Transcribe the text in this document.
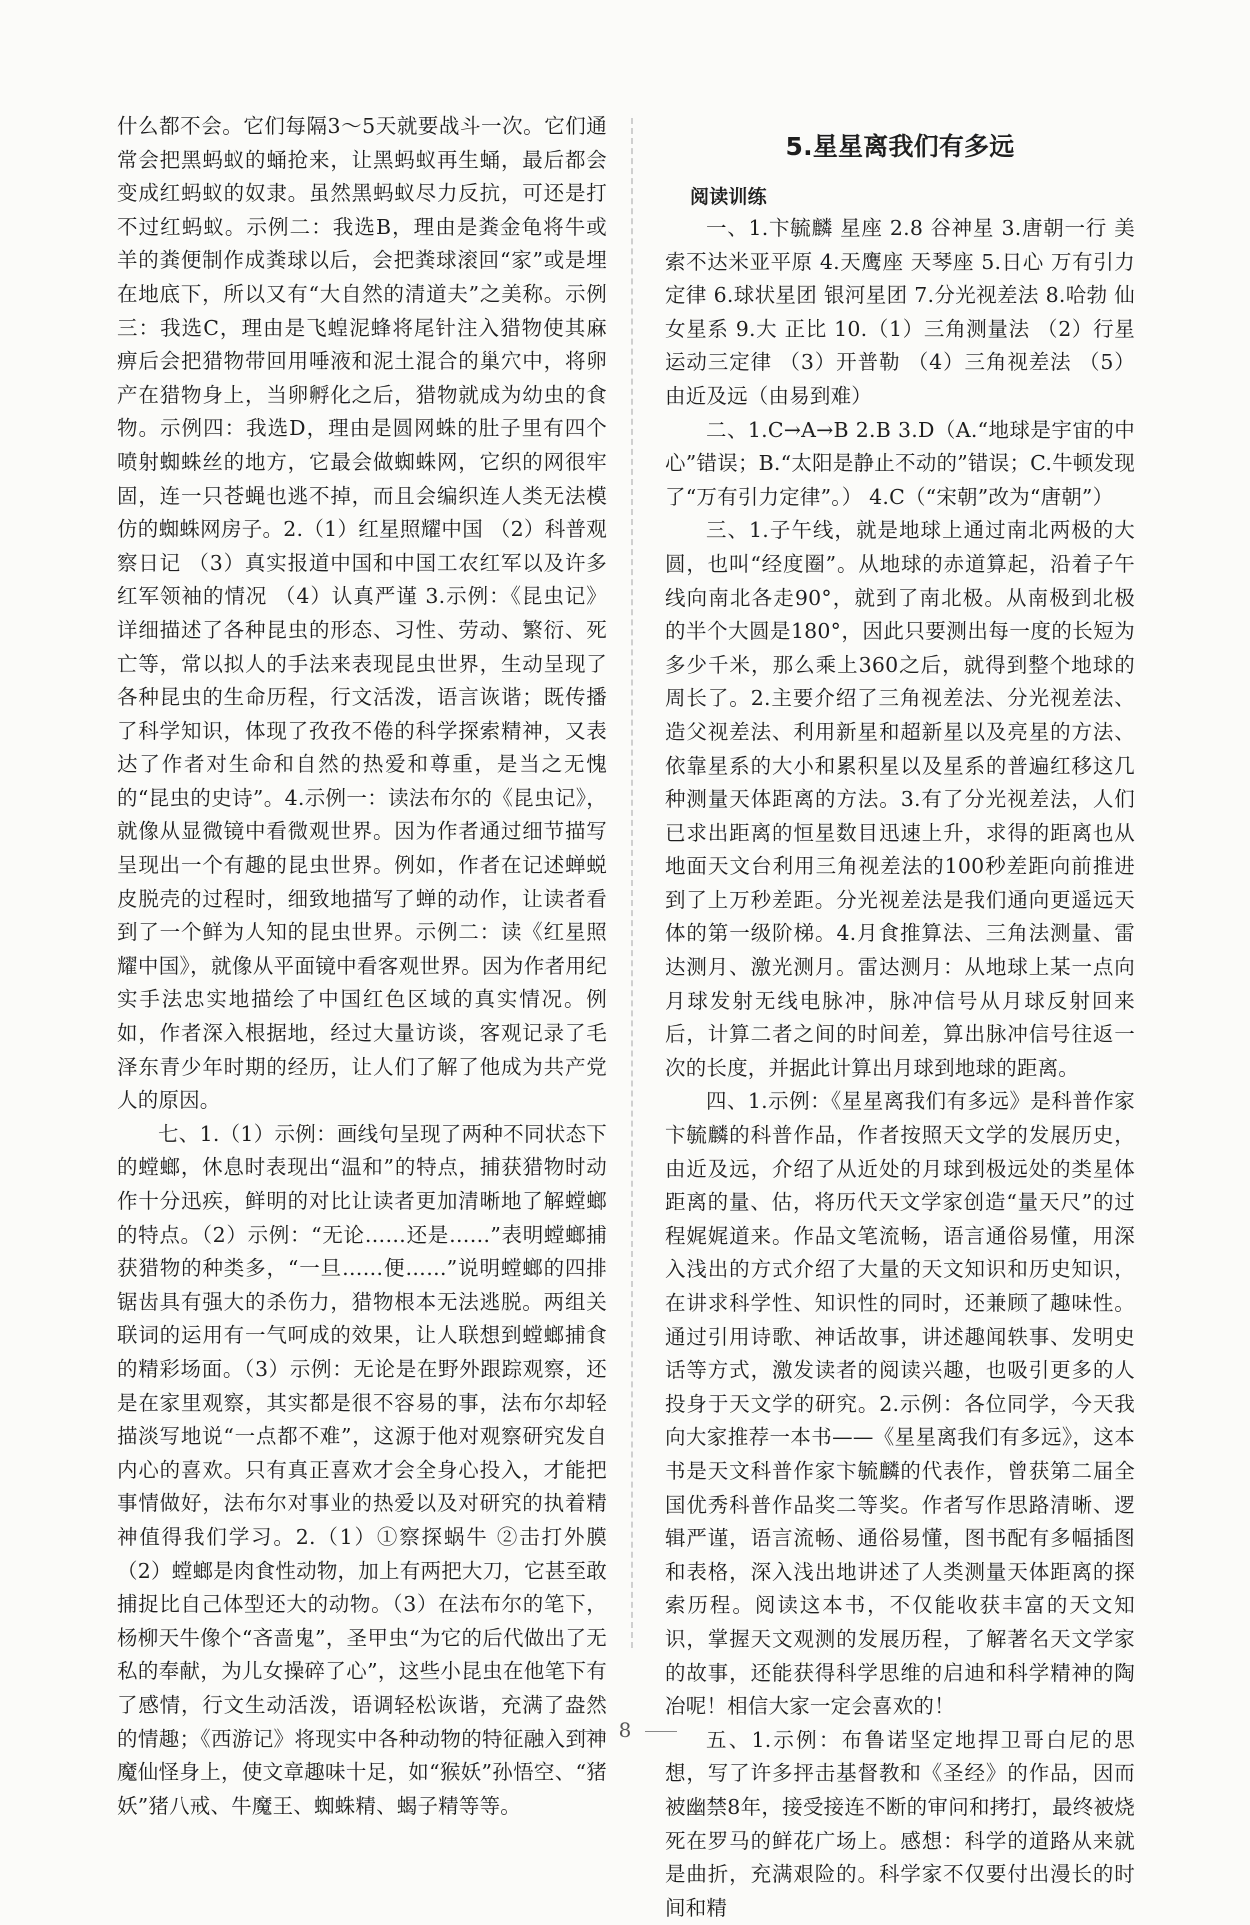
什么都不会。它们每隔3～5天就要战斗一次。它们通常会把黑蚂蚁的蛹抢来，让黑蚂蚁再生蛹，最后都会变成红蚂蚁的奴隶。虽然黑蚂蚁尽力反抗，可还是打不过红蚂蚁。示例二：我选B，理由是粪金龟将牛或羊的粪便制作成粪球以后，会把粪球滚回“家”或是埋在地底下，所以又有“大自然的清道夫”之美称。示例三：我选C，理由是飞蝗泥蜂将尾针注入猎物使其麻痹后会把猎物带回用唾液和泥土混合的巢穴中，将卵产在猎物身上，当卵孵化之后，猎物就成为幼虫的食物。示例四：我选D，理由是圆网蛛的肚子里有四个喷射蜘蛛丝的地方，它最会做蜘蛛网，它织的网很牢固，连一只苍蝇也逃不掉，而且会编织连人类无法模仿的蜘蛛网房子。2.（1）红星照耀中国 （2）科普观察日记 （3）真实报道中国和中国工农红军以及许多红军领袖的情况 （4）认真严谨 3.示例：《昆虫记》详细描述了各种昆虫的形态、习性、劳动、繁衍、死亡等，常以拟人的手法来表现昆虫世界，生动呈现了各种昆虫的生命历程，行文活泼，语言诙谐；既传播了科学知识，体现了孜孜不倦的科学探索精神，又表达了作者对生命和自然的热爱和尊重，是当之无愧的“昆虫的史诗”。4.示例一：读法布尔的《昆虫记》，就像从显微镜中看微观世界。因为作者通过细节描写呈现出一个有趣的昆虫世界。例如，作者在记述蝉蜕皮脱壳的过程时，细致地描写了蝉的动作，让读者看到了一个鲜为人知的昆虫世界。示例二：读《红星照耀中国》，就像从平面镜中看客观世界。因为作者用纪实手法忠实地描绘了中国红色区域的真实情况。例如，作者深入根据地，经过大量访谈，客观记录了毛泽东青少年时期的经历，让人们了解了他成为共产党人的原因。

七、1.（1）示例：画线句呈现了两种不同状态下的螳螂，休息时表现出“温和”的特点，捕获猎物时动作十分迅疾，鲜明的对比让读者更加清晰地了解螳螂的特点。（2）示例：“无论……还是……”表明螳螂捕获猎物的种类多，“一旦……便……”说明螳螂的四排锯齿具有强大的杀伤力，猎物根本无法逃脱。两组关联词的运用有一气呵成的效果，让人联想到螳螂捕食的精彩场面。（3）示例：无论是在野外跟踪观察，还是在家里观察，其实都是很不容易的事，法布尔却轻描淡写地说“一点都不难”，这源于他对观察研究发自内心的喜欢。只有真正喜欢才会全身心投入，才能把事情做好，法布尔对事业的热爱以及对研究的执着精神值得我们学习。2.（1）①察探蜗牛 ②击打外膜 （2）螳螂是肉食性动物，加上有两把大刀，它甚至敢捕捉比自己体型还大的动物。（3）在法布尔的笔下，杨柳天牛像个“吝啬鬼”，圣甲虫“为它的后代做出了无私的奉献，为儿女操碎了心”，这些小昆虫在他笔下有了感情，行文生动活泼，语调轻松诙谐，充满了盎然的情趣；《西游记》将现实中各种动物的特征融入到神魔仙怪身上，使文章趣味十足，如“猴妖”孙悟空、“猪妖”猪八戒、牛魔王、蜘蛛精、蝎子精等等。

5.星星离我们有多远
阅读训练

一、1.卞毓麟 星座 2.8 谷神星 3.唐朝一行 美索不达米亚平原 4.天鹰座 天琴座 5.日心 万有引力定律 6.球状星团 银河星团 7.分光视差法 8.哈勃 仙女星系 9.大 正比 10.（1）三角测量法 （2）行星运动三定律 （3）开普勒 （4）三角视差法 （5）由近及远（由易到难）

二、1.C→A→B 2.B 3.D（A.“地球是宇宙的中心”错误；B.“太阳是静止不动的”错误；C.牛顿发现了“万有引力定律”。） 4.C（“宋朝”改为“唐朝”）

三、1.子午线，就是地球上通过南北两极的大圆，也叫“经度圈”。从地球的赤道算起，沿着子午线向南北各走90°，就到了南北极。从南极到北极的半个大圆是180°，因此只要测出每一度的长短为多少千米，那么乘上360之后，就得到整个地球的周长了。2.主要介绍了三角视差法、分光视差法、造父视差法、利用新星和超新星以及亮星的方法、依靠星系的大小和累积星以及星系的普遍红移这几种测量天体距离的方法。3.有了分光视差法，人们已求出距离的恒星数目迅速上升，求得的距离也从地面天文台利用三角视差法的100秒差距向前推进到了上万秒差距。分光视差法是我们通向更遥远天体的第一级阶梯。4.月食推算法、三角法测量、雷达测月、激光测月。雷达测月：从地球上某一点向月球发射无线电脉冲，脉冲信号从月球反射回来后，计算二者之间的时间差，算出脉冲信号往返一次的长度，并据此计算出月球到地球的距离。

四、1.示例：《星星离我们有多远》是科普作家卞毓麟的科普作品，作者按照天文学的发展历史，由近及远，介绍了从近处的月球到极远处的类星体距离的量、估，将历代天文学家创造“量天尺”的过程娓娓道来。作品文笔流畅，语言通俗易懂，用深入浅出的方式介绍了大量的天文知识和历史知识，在讲求科学性、知识性的同时，还兼顾了趣味性。通过引用诗歌、神话故事，讲述趣闻轶事、发明史话等方式，激发读者的阅读兴趣，也吸引更多的人投身于天文学的研究。2.示例：各位同学，今天我向大家推荐一本书——《星星离我们有多远》，这本书是天文科普作家卞毓麟的代表作，曾获第二届全国优秀科普作品奖二等奖。作者写作思路清晰、逻辑严谨，语言流畅、通俗易懂，图书配有多幅插图和表格，深入浅出地讲述了人类测量天体距离的探索历程。阅读这本书，不仅能收获丰富的天文知识，掌握天文观测的发展历程，了解著名天文学家的故事，还能获得科学思维的启迪和科学精神的陶冶呢！相信大家一定会喜欢的！

五、1.示例：布鲁诺坚定地捍卫哥白尼的思想，写了许多抨击基督教和《圣经》的作品，因而被幽禁8年，接受接连不断的审问和拷打，最终被烧死在罗马的鲜花广场上。感想：科学的道路从来就是曲折，充满艰险的。科学家不仅要付出漫长的时间和精

8
